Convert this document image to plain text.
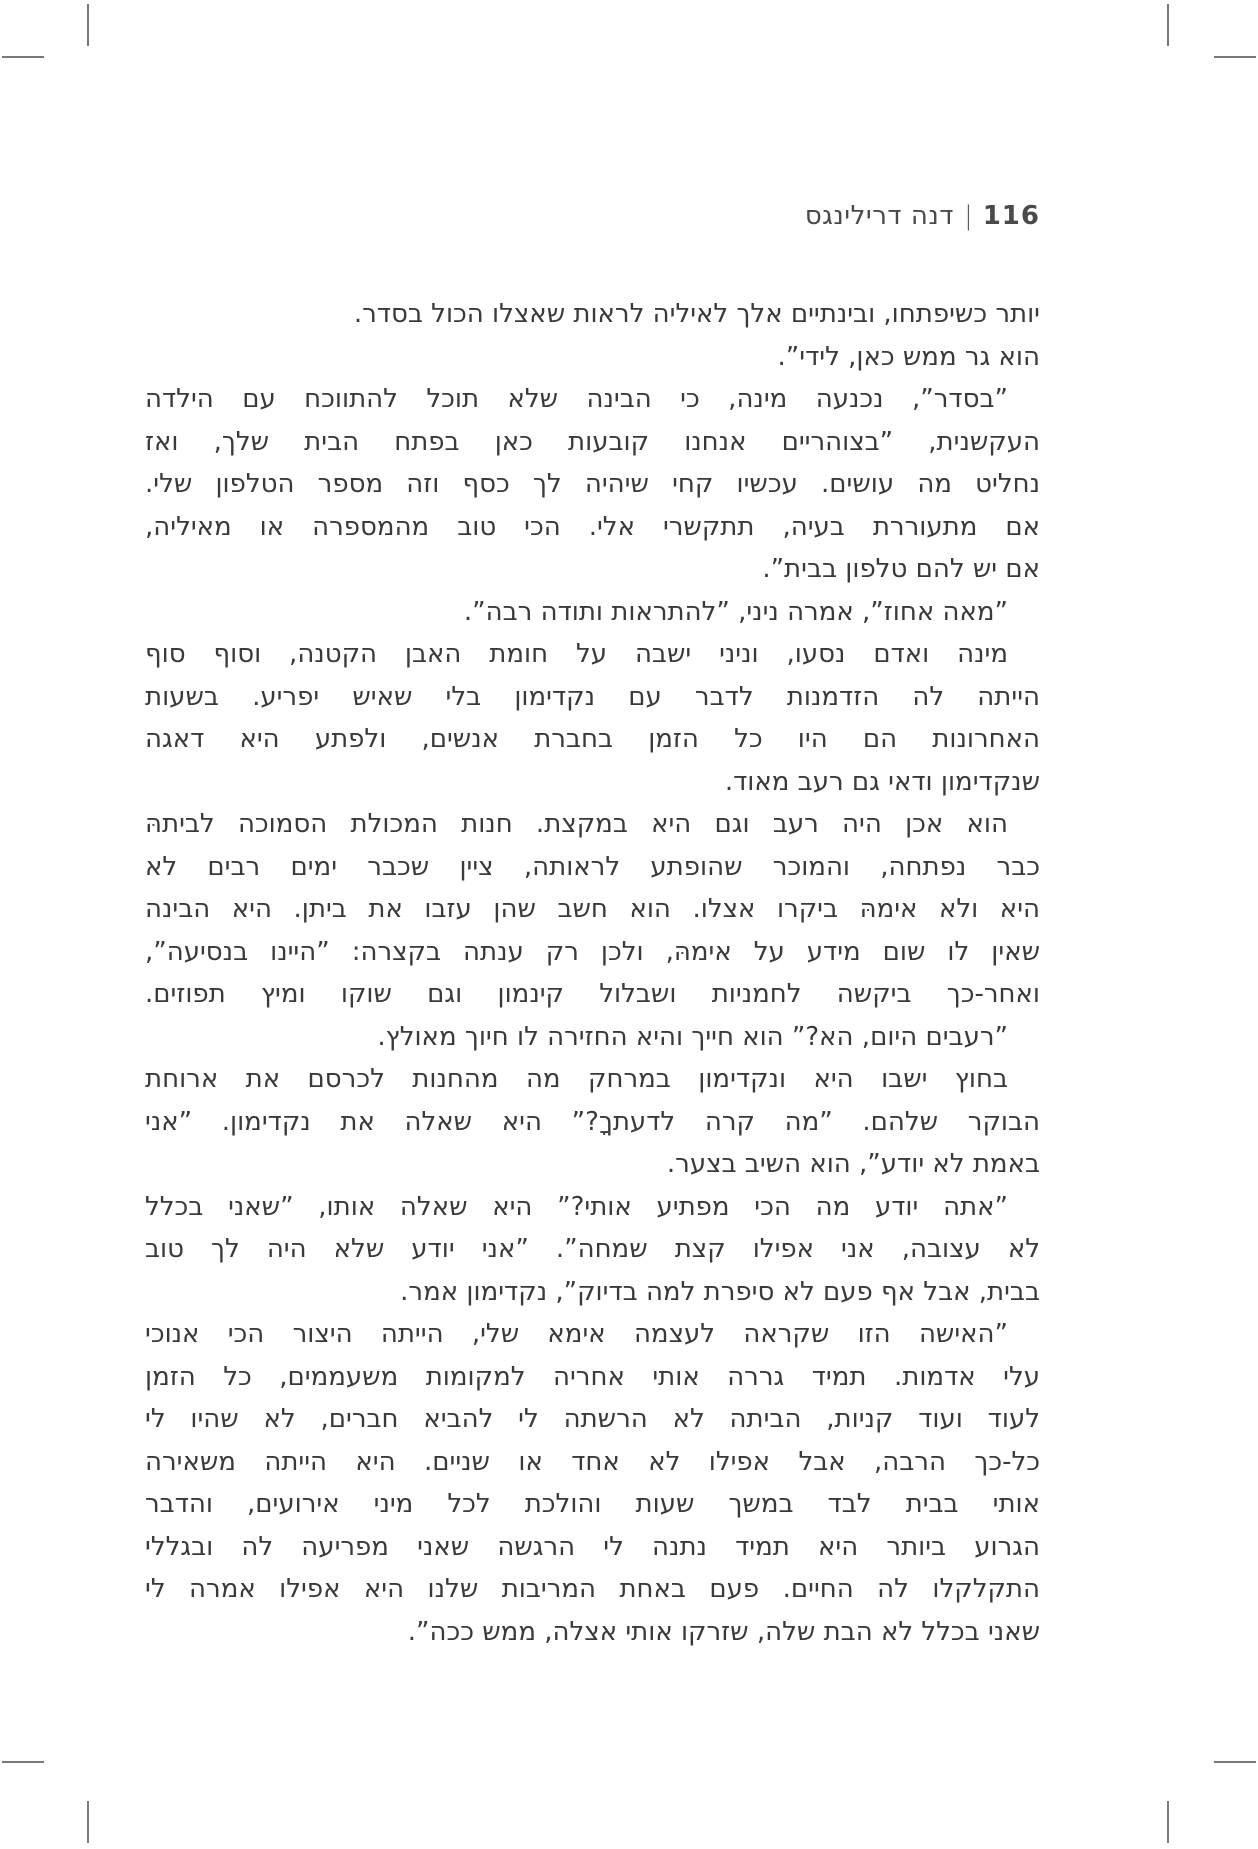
116|דנה דרילינגס
יותר כשיפתחו, ובינתיים אלך לאיליה לראות שאצלו הכול בסדר.
הוא גר ממש כאן, לידי”.
”בסדר”, נכנעה מינה, כי הבינה שלא תוכל להתווכח עם הילדה
העקשנית, ”בצוהריים אנחנו קובעות כאן בפתח הבית שלך, ואז
נחליט מה עושים. עכשיו קחי שיהיה לך כסף וזה מספר הטלפון שלי.
אם מתעוררת בעיה, תתקשרי אלי. הכי טוב מהמספרה או מאיליה,
אם יש להם טלפון בבית”.
”מאה אחוז”, אמרה ניני, ”להתראות ותודה רבה”.
מינה ואדם נסעו, וניני ישבה על חומת האבן הקטנה, וסוף סוף
הייתה לה הזדמנות לדבר עם נקדימון בלי שאיש יפריע. בשעות
האחרונות הם היו כל הזמן בחברת אנשים, ולפתע היא דאגה
שנקדימון ודאי גם רעב מאוד.
הוא אכן היה רעב וגם היא במקצת. חנות המכולת הסמוכה לביתהּ
כבר נפתחה, והמוכר שהופתע לראותה, ציין שכבר ימים רבים לא
היא ולא אימהּ ביקרו אצלו. הוא חשב שהן עזבו את ביתן. היא הבינה
שאין לו שום מידע על אימהּ, ולכן רק ענתה בקצרה: ”היינו בנסיעה”,
ואחר-כך ביקשה לחמניות ושבלול קינמון וגם שוקו ומיץ תפוזים.
”רעבים היום, הא?” הוא חייך והיא החזירה לו חיוך מאולץ.
בחוץ ישבו היא ונקדימון במרחק מה מהחנות לכרסם את ארוחת
הבוקר שלהם. ”מה קרה לדעתךָ?” היא שאלה את נקדימון. ”אני
באמת לא יודע”, הוא השיב בצער.
”אתה יודע מה הכי מפתיע אותי?” היא שאלה אותו, ”שאני בכלל
לא עצובה, אני אפילו קצת שמחה”. ”אני יודע שלא היה לך טוב
בבית, אבל אף פעם לא סיפרת למה בדיוק”, נקדימון אמר.
”האישה הזו שקראה לעצמה אימא שלי, הייתה היצור הכי אנוכי
עלי אדמות. תמיד גררה אותי אחריה למקומות משעממים, כל הזמן
לעוד ועוד קניות, הביתה לא הרשתה לי להביא חברים, לא שהיו לי
כל-כך הרבה, אבל אפילו לא אחד או שניים. היא הייתה משאירה
אותי בבית לבד במשך שעות והולכת לכל מיני אירועים, והדבר
הגרוע ביותר היא תמיד נתנה לי הרגשה שאני מפריעה לה ובגללי
התקלקלו לה החיים. פעם באחת המריבות שלנו היא אפילו אמרה לי
שאני בכלל לא הבת שלה, שזרקו אותי אצלה, ממש ככה”.
